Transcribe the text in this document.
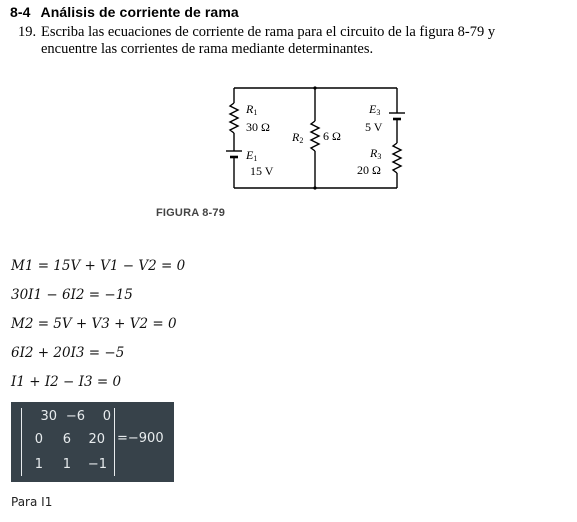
8-4 Análisis de corriente de rama
19. Escriba las ecuaciones de corriente de rama para el circuito de la figura 8-79 y
encuentre las corrientes de rama mediante determinantes.
R1
30 Ω
E1
15 V
R2 6 Ω
E3
5 V
R3
20 Ω
FIGURA 8-79
M1 = 15V + V1 − V2 = 0
30I1 − 6I2 = −15
M2 = 5V + V3 + V2 = 0
6I2 + 20I3 = −5
I1 + I2 − I3 = 0
30 −6	0
0	6	20
1	1	−1
=−900
Para I1
